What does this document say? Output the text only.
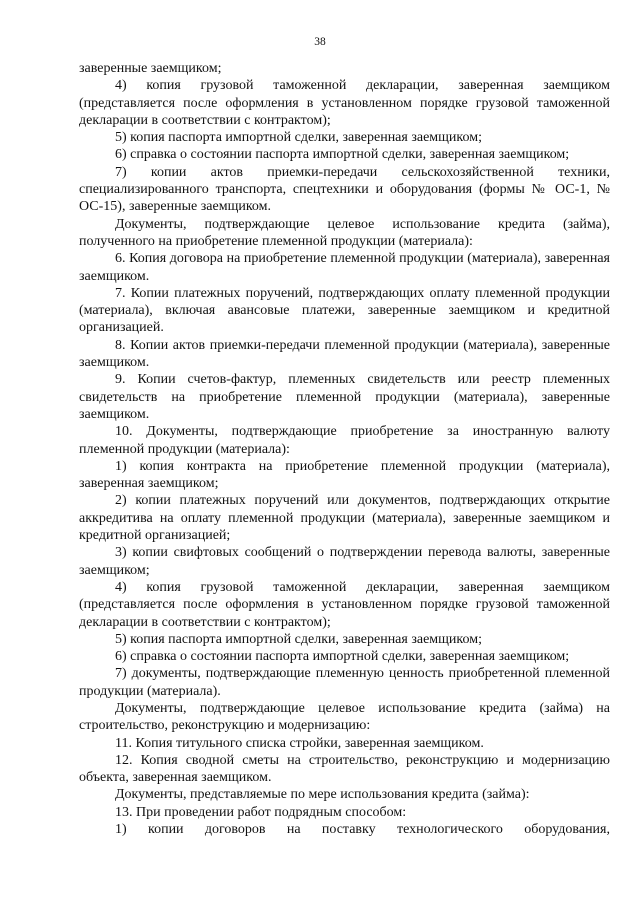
38

заверенные заемщиком;

4) копия грузовой таможенной декларации, заверенная заемщиком (представляется после оформления в установленном порядке грузовой таможенной декларации в соответствии с контрактом);

5) копия паспорта импортной сделки, заверенная заемщиком;

6) справка о состоянии паспорта импортной сделки, заверенная заемщиком;

7) копии актов приемки-передачи сельскохозяйственной техники, специализированного транспорта, спецтехники и оборудования (формы № ОС-1, № ОС-15), заверенные заемщиком.

Документы, подтверждающие целевое использование кредита (займа), полученного на приобретение племенной продукции (материала):

6. Копия договора на приобретение племенной продукции (материала), заверенная заемщиком.

7. Копии платежных поручений, подтверждающих оплату племенной продукции (материала), включая авансовые платежи, заверенные заемщиком и кредитной организацией.

8. Копии актов приемки-передачи племенной продукции (материала), заверенные заемщиком.

9. Копии счетов-фактур, племенных свидетельств или реестр племенных свидетельств на приобретение племенной продукции (материала), заверенные заемщиком.

10. Документы, подтверждающие приобретение за иностранную валюту племенной продукции (материала):

1) копия контракта на приобретение племенной продукции (материала), заверенная заемщиком;

2) копии платежных поручений или документов, подтверждающих открытие аккредитива на оплату племенной продукции (материала), заверенные заемщиком и кредитной организацией;

3) копии свифтовых сообщений о подтверждении перевода валюты, заверенные заемщиком;

4) копия грузовой таможенной декларации, заверенная заемщиком (представляется после оформления в установленном порядке грузовой таможенной декларации в соответствии с контрактом);

5) копия паспорта импортной сделки, заверенная заемщиком;

6) справка о состоянии паспорта импортной сделки, заверенная заемщиком;

7) документы, подтверждающие племенную ценность приобретенной племенной продукции (материала).

Документы, подтверждающие целевое использование кредита (займа) на строительство, реконструкцию и модернизацию:

11. Копия титульного списка стройки, заверенная заемщиком.

12. Копия сводной сметы на строительство, реконструкцию и модернизацию объекта, заверенная заемщиком.

Документы, представляемые по мере использования кредита (займа):

13. При проведении работ подрядным способом:

1) копии договоров на поставку технологического оборудования,
